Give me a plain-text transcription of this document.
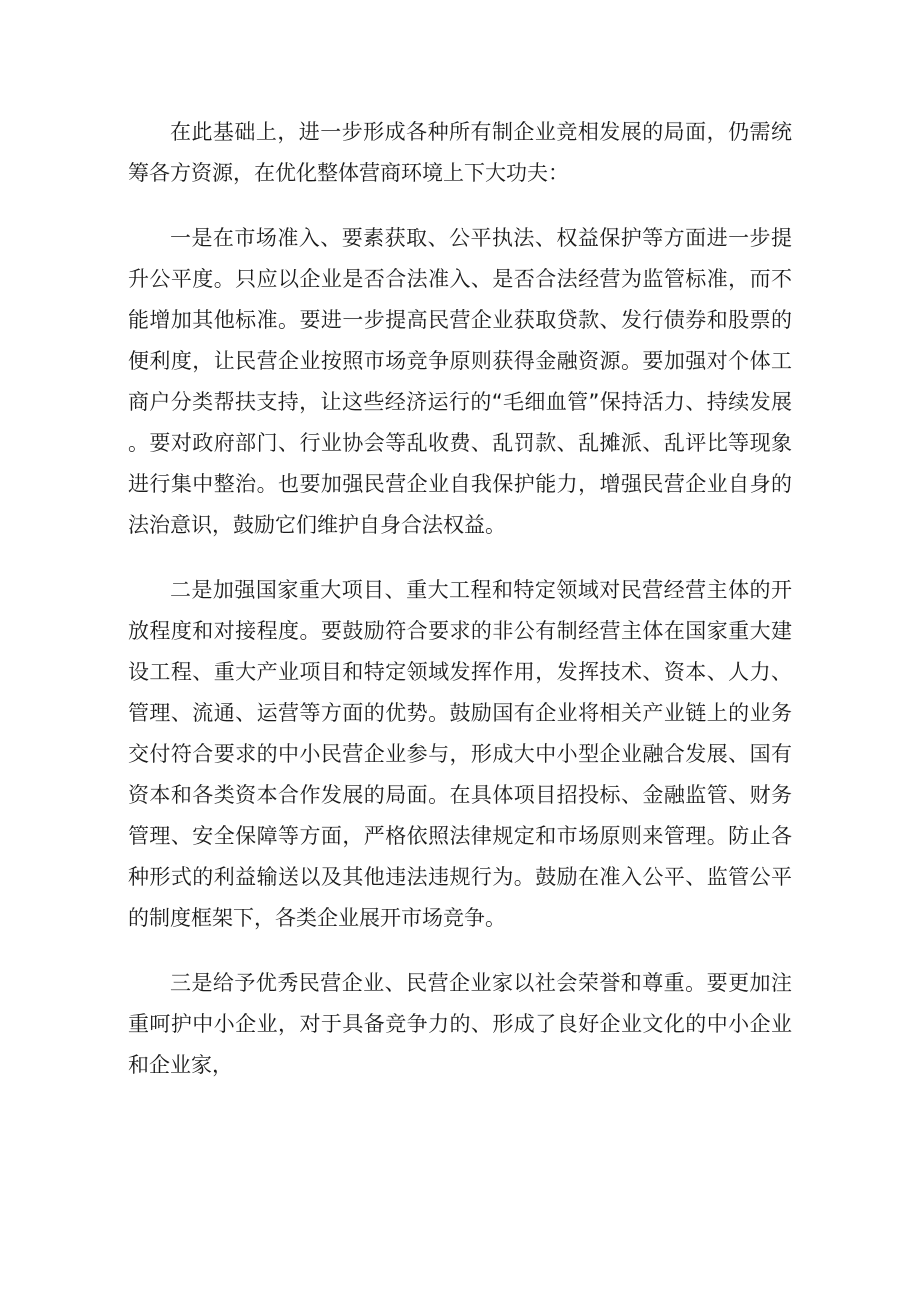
在此基础上，进一步形成各种所有制企业竞相发展的局面，仍需统筹各方资源，在优化整体营商环境上下大功夫：

一是在市场准入、要素获取、公平执法、权益保护等方面进一步提升公平度。只应以企业是否合法准入、是否合法经营为监管标准，而不能增加其他标准。要进一步提高民营企业获取贷款、发行债券和股票的便利度，让民营企业按照市场竞争原则获得金融资源。要加强对个体工商户分类帮扶支持，让这些经济运行的“毛细血管”保持活力、持续发展。要对政府部门、行业协会等乱收费、乱罚款、乱摊派、乱评比等现象进行集中整治。也要加强民营企业自我保护能力，增强民营企业自身的法治意识，鼓励它们维护自身合法权益。

二是加强国家重大项目、重大工程和特定领域对民营经营主体的开放程度和对接程度。要鼓励符合要求的非公有制经营主体在国家重大建设工程、重大产业项目和特定领域发挥作用，发挥技术、资本、人力、管理、流通、运营等方面的优势。鼓励国有企业将相关产业链上的业务交付符合要求的中小民营企业参与，形成大中小型企业融合发展、国有资本和各类资本合作发展的局面。在具体项目招投标、金融监管、财务管理、安全保障等方面，严格依照法律规定和市场原则来管理。防止各种形式的利益输送以及其他违法违规行为。鼓励在准入公平、监管公平的制度框架下，各类企业展开市场竞争。

三是给予优秀民营企业、民营企业家以社会荣誉和尊重。要更加注重呵护中小企业，对于具备竞争力的、形成了良好企业文化的中小企业和企业家，
